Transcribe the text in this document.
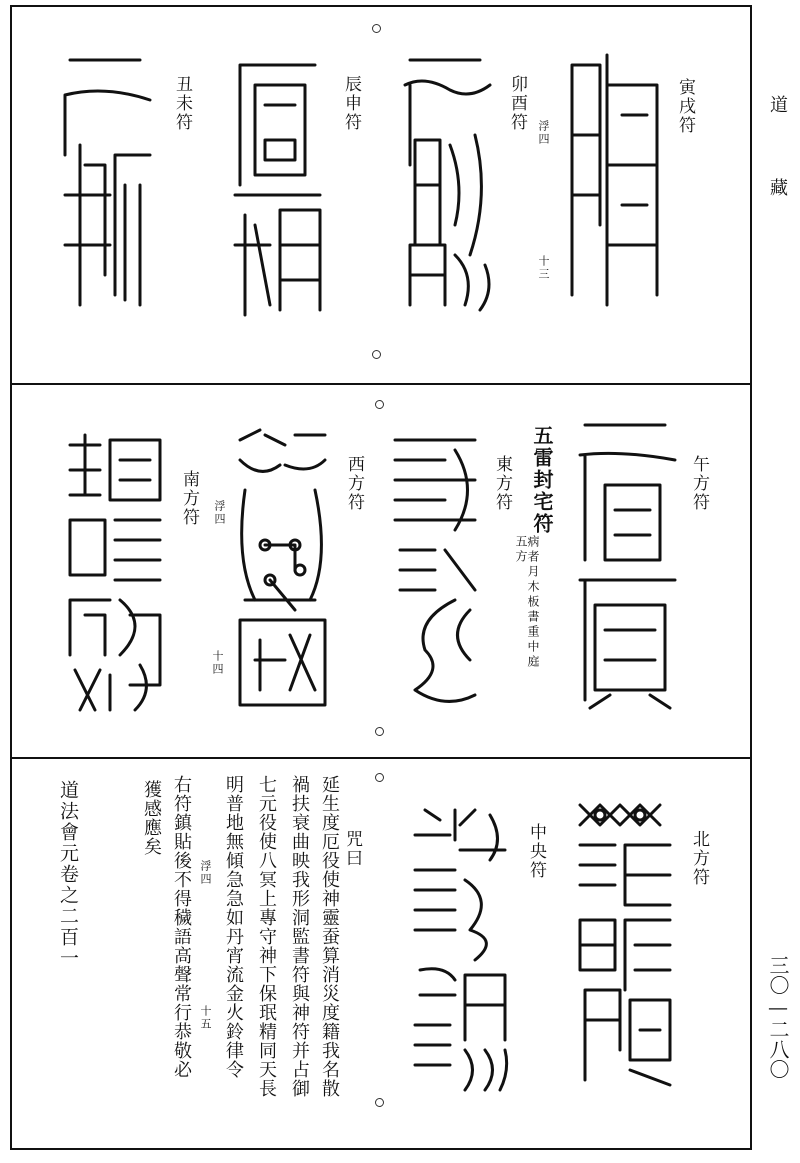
道 藏
三〇—二八〇
寅戌符
卯酉符
浮四
十三
辰申符
丑未符
午方符
五雷封宅符
病者月木板書重中庭五方
東方符
西方符
浮四
十四
南方符
北方符
中央符
咒曰
延生度厄役使神靈蚕算消災度籍我名散
禍扶衰曲映我形洞監書符與神符并占御
七元役使八冥上專守神下保珉精同天長
明普地無傾急急如丹宵流金火鈴律令
右符鎮貼後不得穢語高聲常行恭敬必
獲感應矣
浮四
十五
道法會元卷之二百一
